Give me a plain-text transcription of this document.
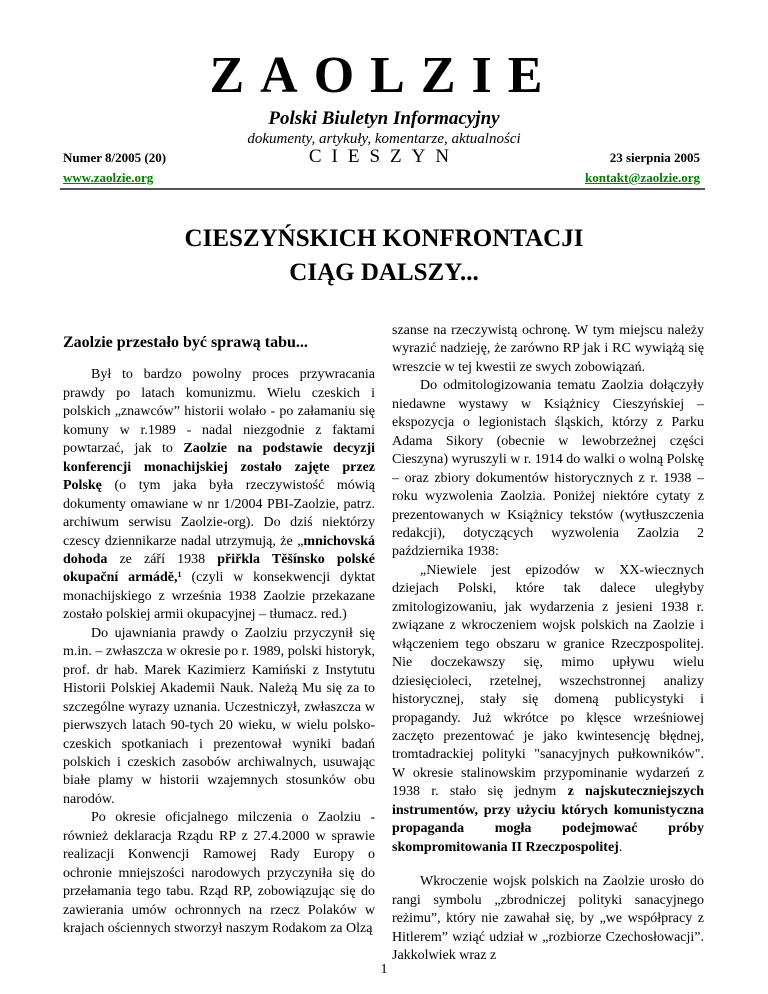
ZAOLZIE
Polski Biuletyn Informacyjny
dokumenty, artykuły, komentarze, aktualności
Numer 8/2005 (20)	CIESZYN	23 sierpnia 2005
www.zaolzie.org	kontakt@zaolzie.org
CIESZYŃSKICH KONFRONTACJI
CIĄG DALSZY...
Zaolzie przestało być sprawą tabu...

Był to bardzo powolny proces przywracania prawdy po latach komunizmu. Wielu czeskich i polskich „znawców” historii wolało - po załamaniu się komuny w r.1989 - nadal niezgodnie z faktami powtarzać, jak to Zaolzie na podstawie decyzji konferencji monachijskiej zostało zajęte przez Polskę (o tym jaka była rzeczywistość mówią dokumenty omawiane w nr 1/2004 PBI-Zaolzie, patrz. archiwum serwisu Zaolzie-org). Do dziś niektórzy czescy dziennikarze nadal utrzymują, że „mnichovská dohoda ze září 1938 přiřkla Těšínsko polské okupační armádě,¹ (czyli w konsekwencji dyktat monachijskiego z września 1938 Zaolzie przekazane zostało polskiej armii okupacyjnej – tłumacz. red.)

Do ujawniania prawdy o Zaolziu przyczynił się m.in. – zwłaszcza w okresie po r. 1989, polski historyk, prof. dr hab. Marek Kazimierz Kamiński z Instytutu Historii Polskiej Akademii Nauk. Należą Mu się za to szczególne wyrazy uznania. Uczestniczył, zwłaszcza w pierwszych latach 90-tych 20 wieku, w wielu polsko-czeskich spotkaniach i prezentował wyniki badań polskich i czeskich zasobów archiwalnych, usuwając białe plamy w historii wzajemnych stosunków obu narodów.

Po okresie oficjalnego milczenia o Zaolziu - również deklaracja Rządu RP z 27.4.2000 w sprawie realizacji Konwencji Ramowej Rady Europy o ochronie mniejszości narodowych przyczyniła się do przełamania tego tabu. Rząd RP, zobowiązując się do zawierania umów ochronnych na rzecz Polaków w krajach ościennych stworzył naszym Rodakom za Olzą

szanse na rzeczywistą ochronę. W tym miejscu należy wyrazić nadzieję, że zarówno RP jak i RC wywiążą się wreszcie w tej kwestii ze swych zobowiązań.

Do odmitologizowania tematu Zaolzia dołączyły niedawne wystawy w Książnicy Cieszyńskiej – ekspozycja o legionistach śląskich, którzy z Parku Adama Sikory (obecnie w lewobrzeżnej części Cieszyna) wyruszyli w r. 1914 do walki o wolną Polskę – oraz zbiory dokumentów historycznych z r. 1938 – roku wyzwolenia Zaolzia. Poniżej niektóre cytaty z prezentowanych w Książnicy tekstów (wytłuszczenia redakcji), dotyczących wyzwolenia Zaolzia 2 października 1938:

„Niewiele jest epizodów w XX-wiecznych dziejach Polski, które tak dalece uległyby zmitologizowaniu, jak wydarzenia z jesieni 1938 r. związane z wkroczeniem wojsk polskich na Zaolzie i włączeniem tego obszaru w granice Rzeczpospolitej. Nie doczekawszy się, mimo upływu wielu dziesięcioleci, rzetelnej, wszechstronnej analizy historycznej, stały się domeną publicystyki i propagandy. Już wkrótce po klęsce wrześniowej zaczęto prezentować je jako kwintesencję błędnej, tromtadrackiej polityki "sanacyjnych pułkowników". W okresie stalinowskim przypominanie wydarzeń z 1938 r. stało się jednym z najskuteczniejszych instrumentów, przy użyciu których komunistyczna propaganda mogła podejmować próby skompromitowania II Rzeczpospolitej.

Wkroczenie wojsk polskich na Zaolzie urosło do rangi symbolu „zbrodniczej polityki sanacyjnego reżimu”, który nie zawahał się, by „we współpracy z Hitlerem” wziąć udział w „rozbiorze Czechosłowacji”. Jakkolwiek wraz z

1
